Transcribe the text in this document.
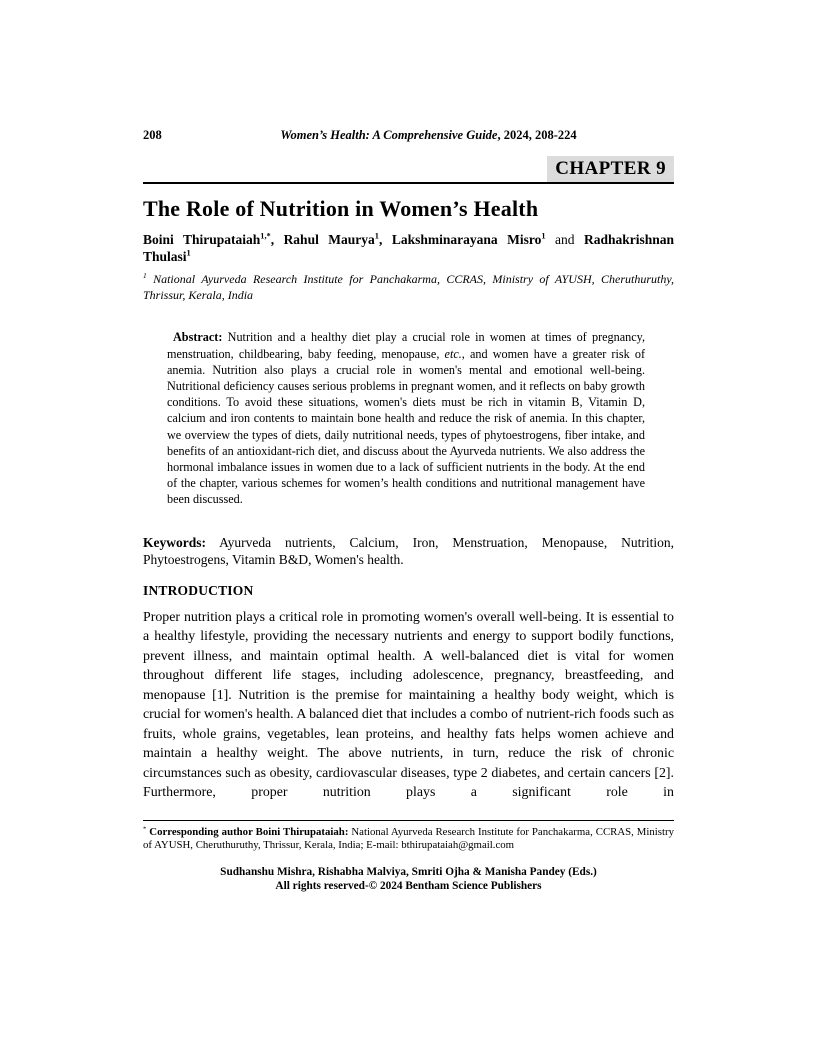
208	Women’s Health: A Comprehensive Guide, 2024, 208-224
CHAPTER 9
The Role of Nutrition in Women’s Health
Boini Thirupataiah$^{1,*}$, Rahul Maurya$^1$, Lakshminarayana Misro$^1$ and Radhakrishnan Thulasi$^1$
$^1$ National Ayurveda Research Institute for Panchakarma, CCRAS, Ministry of AYUSH, Cheruthuruthy, Thrissur, Kerala, India
Abstract: Nutrition and a healthy diet play a crucial role in women at times of pregnancy, menstruation, childbearing, baby feeding, menopause, etc., and women have a greater risk of anemia. Nutrition also plays a crucial role in women's mental and emotional well-being. Nutritional deficiency causes serious problems in pregnant women, and it reflects on baby growth conditions. To avoid these situations, women's diets must be rich in vitamin B, Vitamin D, calcium and iron contents to maintain bone health and reduce the risk of anemia. In this chapter, we overview the types of diets, daily nutritional needs, types of phytoestrogens, fiber intake, and benefits of an antioxidant-rich diet, and discuss about the Ayurveda nutrients. We also address the hormonal imbalance issues in women due to a lack of sufficient nutrients in the body. At the end of the chapter, various schemes for women’s health conditions and nutritional management have been discussed.
Keywords: Ayurveda nutrients, Calcium, Iron, Menstruation, Menopause, Nutrition, Phytoestrogens, Vitamin B&D, Women's health.
INTRODUCTION
Proper nutrition plays a critical role in promoting women's overall well-being. It is essential to a healthy lifestyle, providing the necessary nutrients and energy to support bodily functions, prevent illness, and maintain optimal health. A well-balanced diet is vital for women throughout different life stages, including adolescence, pregnancy, breastfeeding, and menopause [1]. Nutrition is the premise for maintaining a healthy body weight, which is crucial for women's health. A balanced diet that includes a combo of nutrient-rich foods such as fruits, whole grains, vegetables, lean proteins, and healthy fats helps women achieve and maintain a healthy weight. The above nutrients, in turn, reduce the risk of chronic circumstances such as obesity, cardiovascular diseases, type 2 diabetes, and certain cancers [2]. Furthermore, proper nutrition plays a significant role in
* Corresponding author Boini Thirupataiah: National Ayurveda Research Institute for Panchakarma, CCRAS, Ministry of AYUSH, Cheruthuruthy, Thrissur, Kerala, India; E-mail: bthirupataiah@gmail.com
Sudhanshu Mishra, Rishabha Malviya, Smriti Ojha & Manisha Pandey (Eds.)
All rights reserved-© 2024 Bentham Science Publishers
